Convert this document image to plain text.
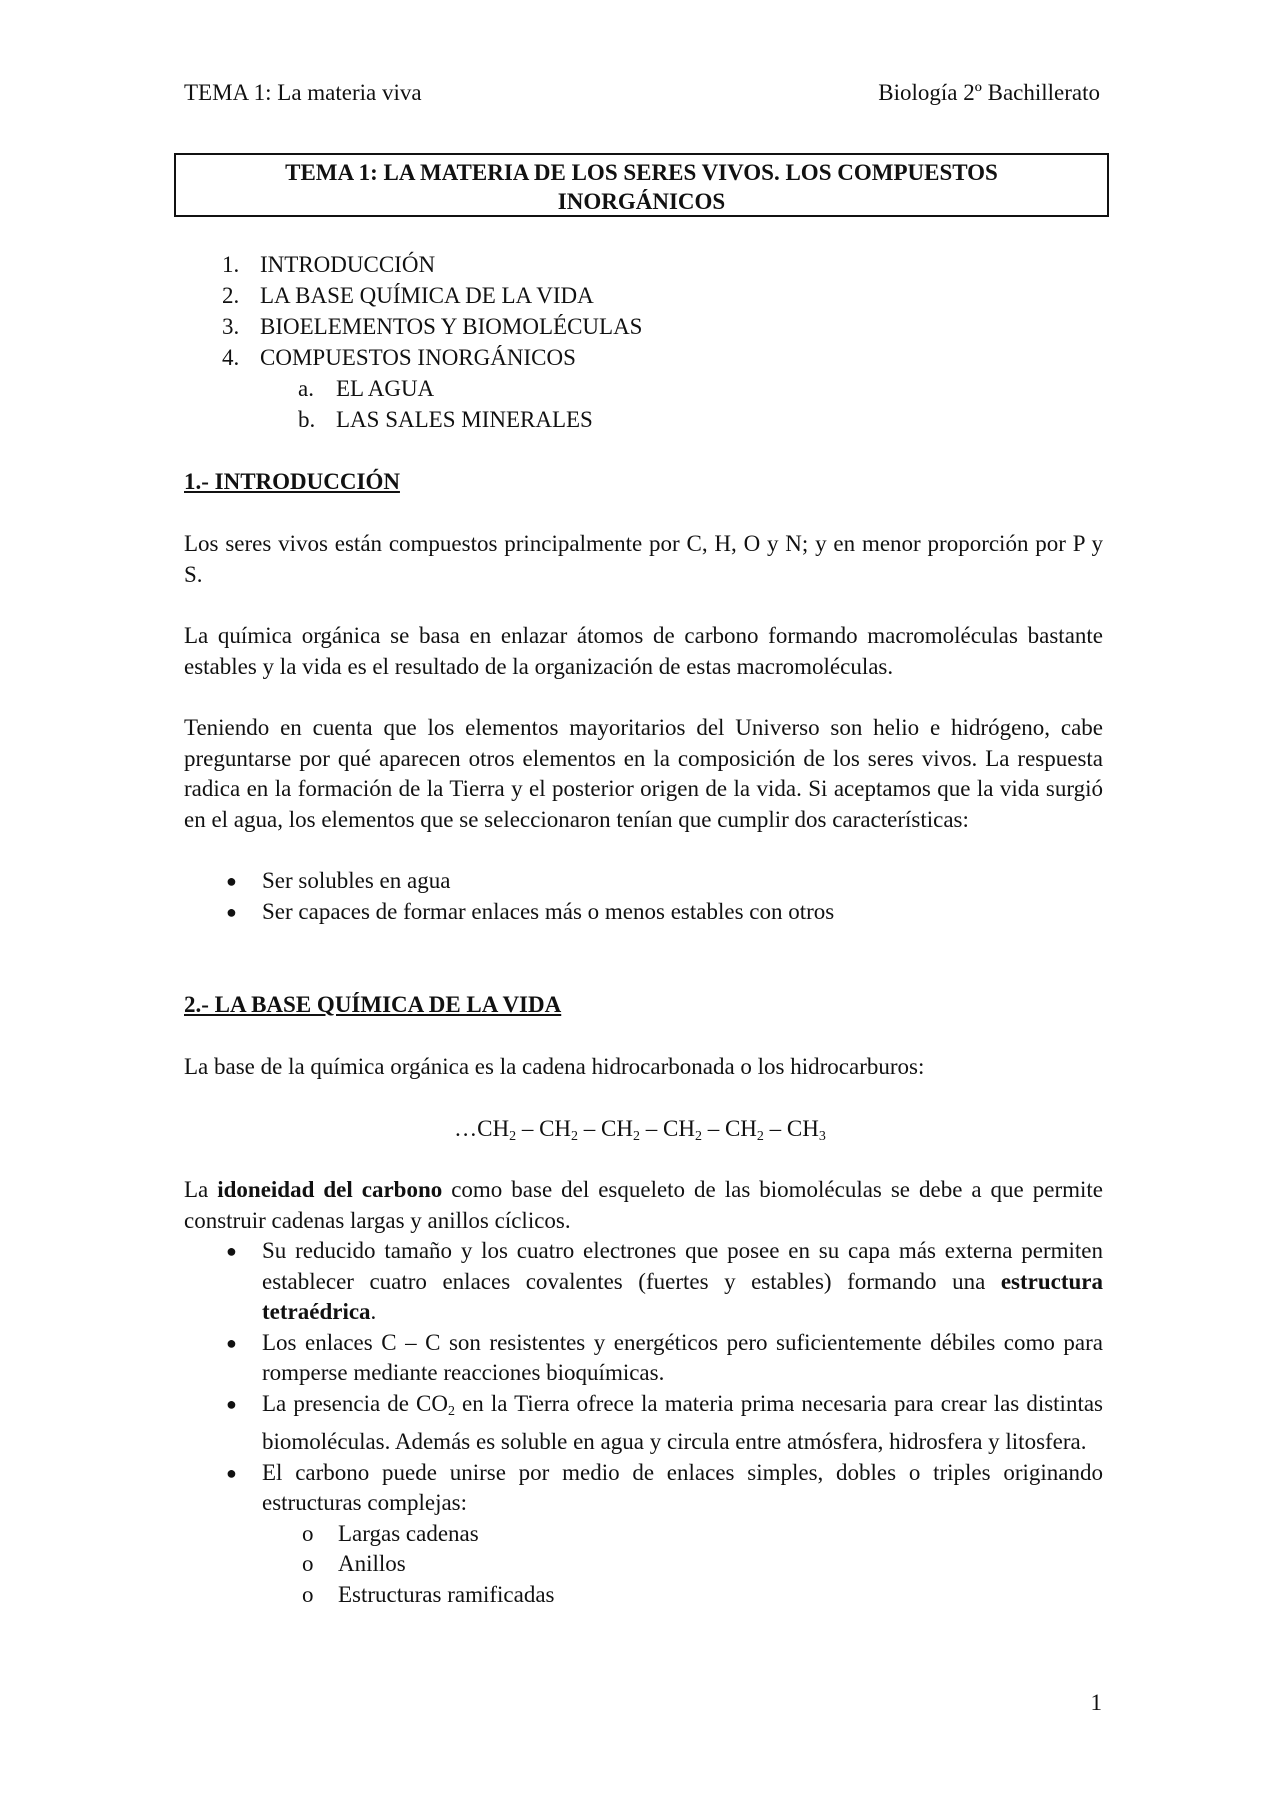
TEMA 1: La materia viva	Biología 2º Bachillerato
TEMA 1: LA MATERIA DE LOS SERES VIVOS. LOS COMPUESTOS
INORGÁNICOS
1. INTRODUCCIÓN
2. LA BASE QUÍMICA DE LA VIDA
3. BIOELEMENTOS Y BIOMOLÉCULAS
4. COMPUESTOS INORGÁNICOS
a. EL AGUA
b. LAS SALES MINERALES
1.- INTRODUCCIÓN
Los seres vivos están compuestos principalmente por C, H, O y N; y en menor proporción por P y S.
La química orgánica se basa en enlazar átomos de carbono formando macromoléculas bastante estables y la vida es el resultado de la organización de estas macromoléculas.
Teniendo en cuenta que los elementos mayoritarios del Universo son helio e hidrógeno, cabe preguntarse por qué aparecen otros elementos en la composición de los seres vivos. La respuesta radica en la formación de la Tierra y el posterior origen de la vida. Si aceptamos que la vida surgió en el agua, los elementos que se seleccionaron tenían que cumplir dos características:
● Ser solubles en agua
● Ser capaces de formar enlaces más o menos estables con otros
2.- LA BASE QUÍMICA DE LA VIDA
La base de la química orgánica es la cadena hidrocarbonada o los hidrocarburos:
$\dots CH_2 - CH_2 - CH_2 - CH_2 - CH_2 - CH_3$
La idoneidad del carbono como base del esqueleto de las biomoléculas se debe a que permite construir cadenas largas y anillos cíclicos.
● Su reducido tamaño y los cuatro electrones que posee en su capa más externa permiten establecer cuatro enlaces covalentes (fuertes y estables) formando una estructura tetraédrica.
● Los enlaces C – C son resistentes y energéticos pero suficientemente débiles como para romperse mediante reacciones bioquímicas.
● La presencia de $CO_2$ en la Tierra ofrece la materia prima necesaria para crear las distintas biomoléculas. Además es soluble en agua y circula entre atmósfera, hidrosfera y litosfera.
● El carbono puede unirse por medio de enlaces simples, dobles o triples originando estructuras complejas:
o Largas cadenas
o Anillos
o Estructuras ramificadas
1
